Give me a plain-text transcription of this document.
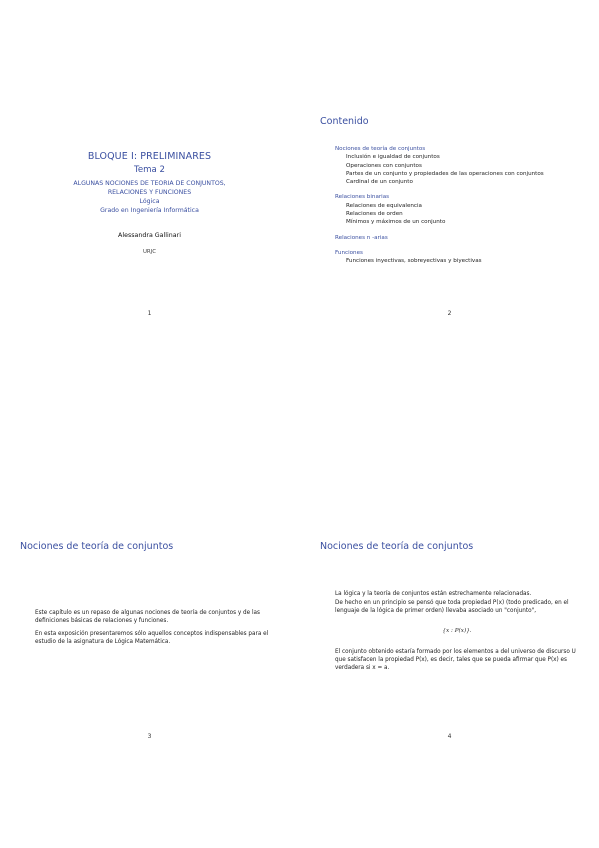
BLOQUE I: PRELIMINARES
Tema 2
ALGUNAS NOCIONES DE TEORIA DE CONJUNTOS,
RELACIONES Y FUNCIONES
Lógica
Grado en Ingeniería Informática
Alessandra Gallinari
URJC
1
Contenido
Nociones de teoría de conjuntos
Inclusión e igualdad de conjuntos
Operaciones con conjuntos
Partes de un conjunto y propiedades de las operaciones con conjuntos
Cardinal de un conjunto
Relaciones binarias
Relaciones de equivalencia
Relaciones de orden
Mínimos y máximos de un conjunto
Relaciones n -arias
Funciones
Funciones inyectivas, sobreyectivas y biyectivas
2
Nociones de teoría de conjuntos
Este capítulo es un repaso de algunas nociones de teoría de conjuntos y de las definiciones básicas de relaciones y funciones.
En esta exposición presentaremos sólo aquellos conceptos indispensables para el estudio de la asignatura de Lógica Matemática.
3
Nociones de teoría de conjuntos
La lógica y la teoría de conjuntos están estrechamente relacionadas.
De hecho en un principio se pensó que toda propiedad P(x) (todo predicado, en el lenguaje de la lógica de primer orden) llevaba asociado un "conjunto",
{x : P(x)}.
El conjunto obtenido estaría formado por los elementos a del universo de discurso U que satisfacen la propiedad P(x), es decir, tales que se pueda afirmar que P(x) es verdadera si x = a.
4
